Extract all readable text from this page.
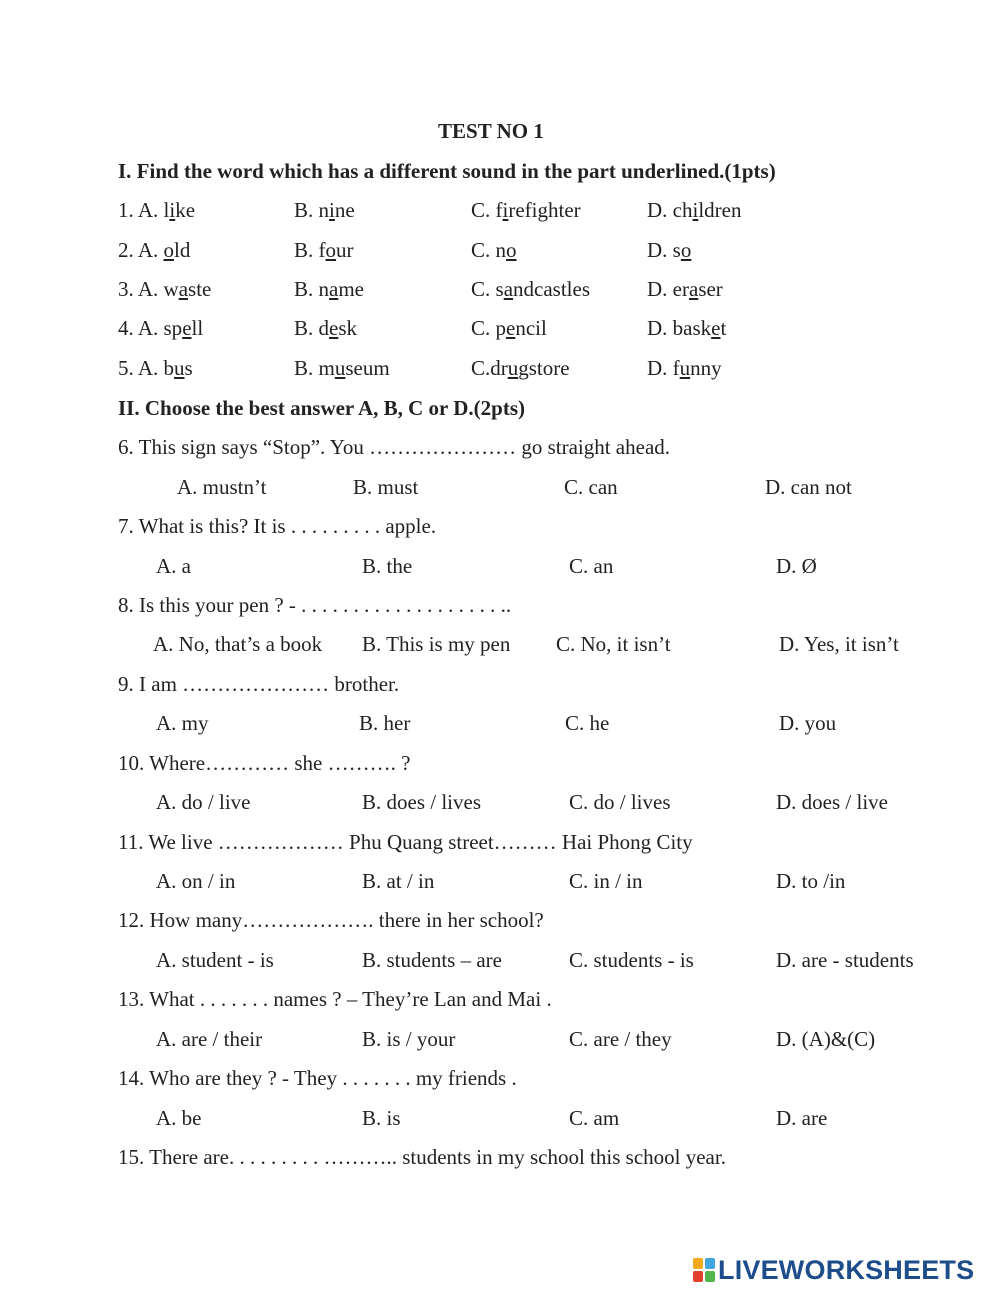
TEST NO 1
I. Find the word which has a different sound in the part underlined.(1pts)
1. A. like	B. nine	C. firefighter	D. children
2. A. old	B. four	C. no	D. so
3. A. waste	B. name	C. sandcastles	D. eraser
4. A. spell	B. desk	C. pencil	D. basket
5. A. bus	B. museum	C.drugstore	D. funny
II. Choose the best answer A, B, C or D.(2pts)
6. This sign says “Stop”. You ………………… go straight ahead.
A. mustn’t	B. must	C. can	D. can not
7. What is this? It is . . . . . . . . . apple.
A. a	B. the	C. an	D. Ø
8. Is this your pen ? - . . . . . . . . . . . . . . . . . . . ..
A. No, that’s a book B. This is my pen C. No, it isn’t	D. Yes, it isn’t
9. I am ………………… brother.
A. my	B. her	C. he	D. you
10. Where………… she ………. ?
A. do / live	B. does / lives	C. do / lives	D. does / live
11. We live ……………… Phu Quang street……… Hai Phong City
A. on / in	B. at / in	C. in / in	D. to /in
12. How many………………. there in her school?
A. student - is	B. students – are	C. students - is	D. are - students
13. What . . . . . . . names ? – They’re Lan and Mai .
A. are / their	B. is / your	C. are / they	D. (A)&(C)
14. Who are they ? - They . . . . . . . my friends .
A. be	B. is	C. am	D. are
15. There are. . . . . . . . . ……….. students in my school this school year.
LIVEWORKSHEETS
